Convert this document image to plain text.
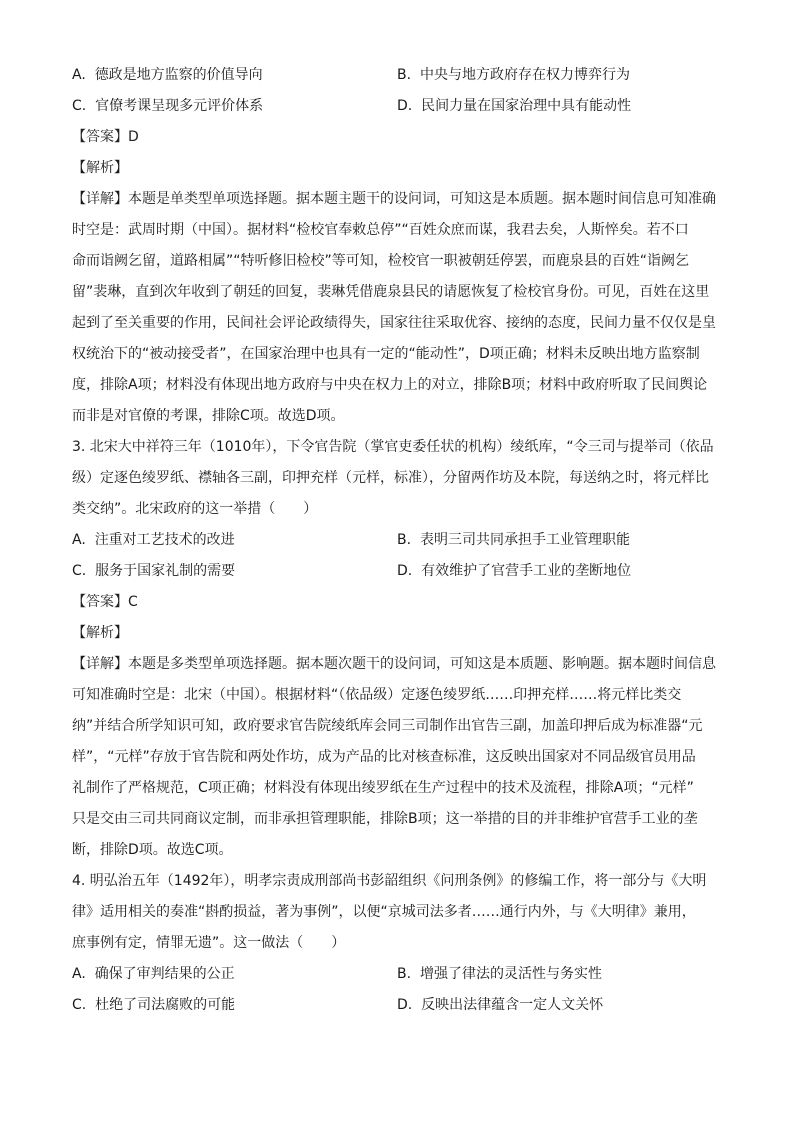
A. 德政是地方监察的价值导向	B. 中央与地方政府存在权力博弈行为
C. 官僚考课呈现多元评价体系	D. 民间力量在国家治理中具有能动性
【答案】D
【解析】
【详解】本题是单类型单项选择题。据本题主题干的设问词，可知这是本质题。据本题时间信息可知准确
时空是：武周时期（中国）。据材料“检校官奉敕总停”“百姓众庶而谋，我君去矣，人斯悴矣。若不口
命而诣阙乞留，道路相属”“特听修旧检校”等可知，检校官一职被朝廷停罢，而鹿泉县的百姓“诣阙乞
留”裴琳，直到次年收到了朝廷的回复，裴琳凭借鹿泉县民的请愿恢复了检校官身份。可见，百姓在这里
起到了至关重要的作用，民间社会评论政绩得失，国家往往采取优容、接纳的态度，民间力量不仅仅是皇
权统治下的“被动接受者”，在国家治理中也具有一定的“能动性”，D项正确；材料未反映出地方监察制
度，排除A项；材料没有体现出地方政府与中央在权力上的对立，排除B项；材料中政府听取了民间舆论
而非是对官僚的考课，排除C项。故选D项。
3. 北宋大中祥符三年（1010年），下令官告院（掌官吏委任状的机构）绫纸库，“令三司与提举司（依品
级）定逐色绫罗纸、襟轴各三副，印押充样（元样，标准），分留两作坊及本院，每送纳之时，将元样比
类交纳”。北宋政府的这一举措（　　）
A. 注重对工艺技术的改进	B. 表明三司共同承担手工业管理职能
C. 服务于国家礼制的需要	D. 有效维护了官营手工业的垄断地位
【答案】C
【解析】
【详解】本题是多类型单项选择题。据本题次题干的设问词，可知这是本质题、影响题。据本题时间信息
可知准确时空是：北宋（中国）。根据材料“（依品级）定逐色绫罗纸……印押充样……将元样比类交
纳”并结合所学知识可知，政府要求官告院绫纸库会同三司制作出官告三副，加盖印押后成为标准器“元
样”，“元样”存放于官告院和两处作坊，成为产品的比对核查标准，这反映出国家对不同品级官员用品
礼制作了严格规范，C项正确；材料没有体现出绫罗纸在生产过程中的技术及流程，排除A项；“元样”
只是交由三司共同商议定制，而非承担管理职能，排除B项；这一举措的目的并非维护官营手工业的垄
断，排除D项。故选C项。
4. 明弘治五年（1492年），明孝宗责成刑部尚书彭韶组织《问刑条例》的修编工作，将一部分与《大明
律》适用相关的奏准“斟酌损益，著为事例”，以便“京城司法多者……通行内外，与《大明律》兼用，
庶事例有定，情罪无遗”。这一做法（　　）
A. 确保了审判结果的公正	B. 增强了律法的灵活性与务实性
C. 杜绝了司法腐败的可能	D. 反映出法律蕴含一定人文关怀
